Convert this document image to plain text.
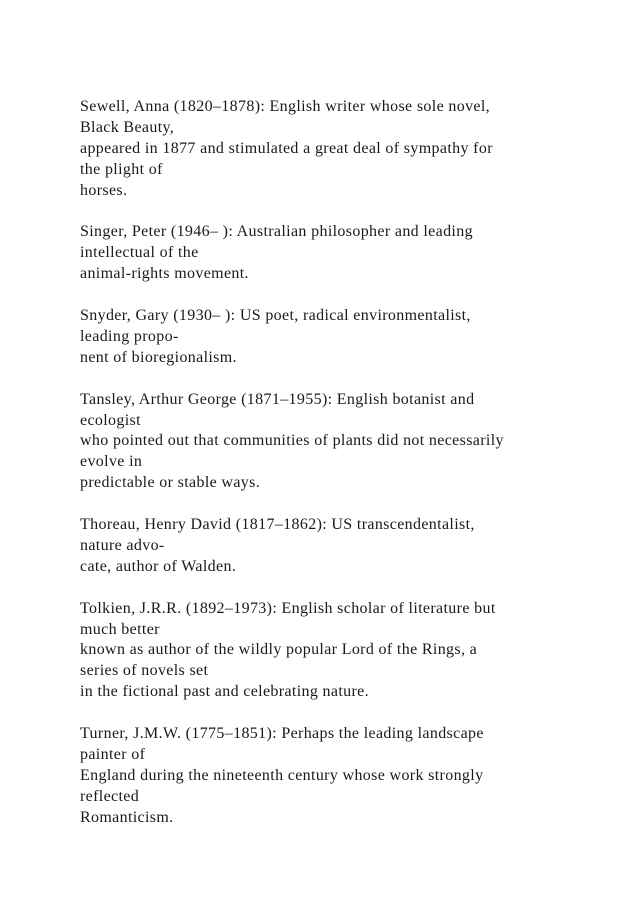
Sewell, Anna (1820–1878): English writer whose sole novel,
Black Beauty,
appeared in 1877 and stimulated a great deal of sympathy for
the plight of
horses.
Singer, Peter (1946– ): Australian philosopher and leading
intellectual of the
animal-rights movement.
Snyder, Gary (1930– ): US poet, radical environmentalist,
leading propo-
nent of bioregionalism.
Tansley, Arthur George (1871–1955): English botanist and
ecologist
who pointed out that communities of plants did not necessarily
evolve in
predictable or stable ways.
Thoreau, Henry David (1817–1862): US transcendentalist,
nature advo-
cate, author of Walden.
Tolkien, J.R.R. (1892–1973): English scholar of literature but
much better
known as author of the wildly popular Lord of the Rings, a
series of novels set
in the fictional past and celebrating nature.
Turner, J.M.W. (1775–1851): Perhaps the leading landscape
painter of
England during the nineteenth century whose work strongly
reflected
Romanticism.
